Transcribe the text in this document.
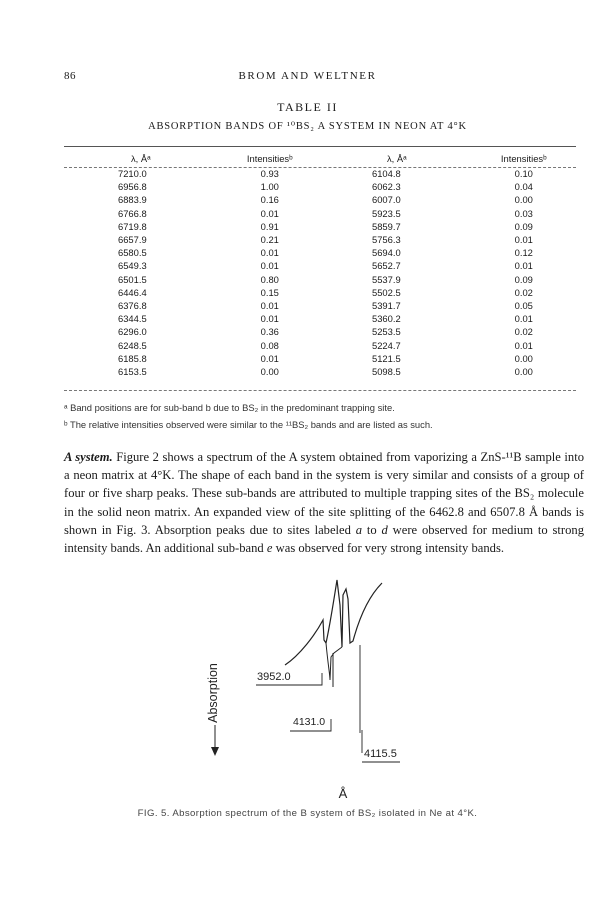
86	BROM AND WELTNER
TABLE II
ABSORPTION BANDS OF ¹⁰BS₂ A SYSTEM IN NEON AT 4°K
λ, Åᵃ	Intensitiesᵇ	λ, Åᵃ	Intensitiesᵇ
7210.0	0.93	6104.8	0.10
6956.8	1.00	6062.3	0.04
6883.9	0.16	6007.0	0.00
6766.8	0.01	5923.5	0.03
6719.8	0.91	5859.7	0.09
6657.9	0.21	5756.3	0.01
6580.5	0.01	5694.0	0.12
6549.3	0.01	5652.7	0.01
6501.5	0.80	5537.9	0.09
6446.4	0.15	5502.5	0.02
6376.8	0.01	5391.7	0.05
6344.5	0.01	5360.2	0.01
6296.0	0.36	5253.5	0.02
6248.5	0.08	5224.7	0.01
6185.8	0.01	5121.5	0.00
6153.5	0.00	5098.5	0.00
ᵃ Band positions are for sub-band b due to BS₂ in the predominant trapping site.
ᵇ The relative intensities observed were similar to the ¹¹BS₂ bands and are listed as such.

A system. Figure 2 shows a spectrum of the A system obtained from vaporizing a ZnS-¹¹B sample into a neon matrix at 4°K. The shape of each band in the system is very similar and consists of a group of four or five sharp peaks. These sub-bands are attributed to multiple trapping sites of the BS₂ molecule in the solid neon matrix. An expanded view of the site splitting of the 6462.8 and 6507.8 Å bands is shown in Fig. 3. Absorption peaks due to sites labeled a to d were observed for medium to strong intensity bands. An additional sub-band e was observed for very strong intensity bands.

Absorption	3952.0
4131.0
4115.5
Å
FIG. 5. Absorption spectrum of the B system of BS₂ isolated in Ne at 4°K.
